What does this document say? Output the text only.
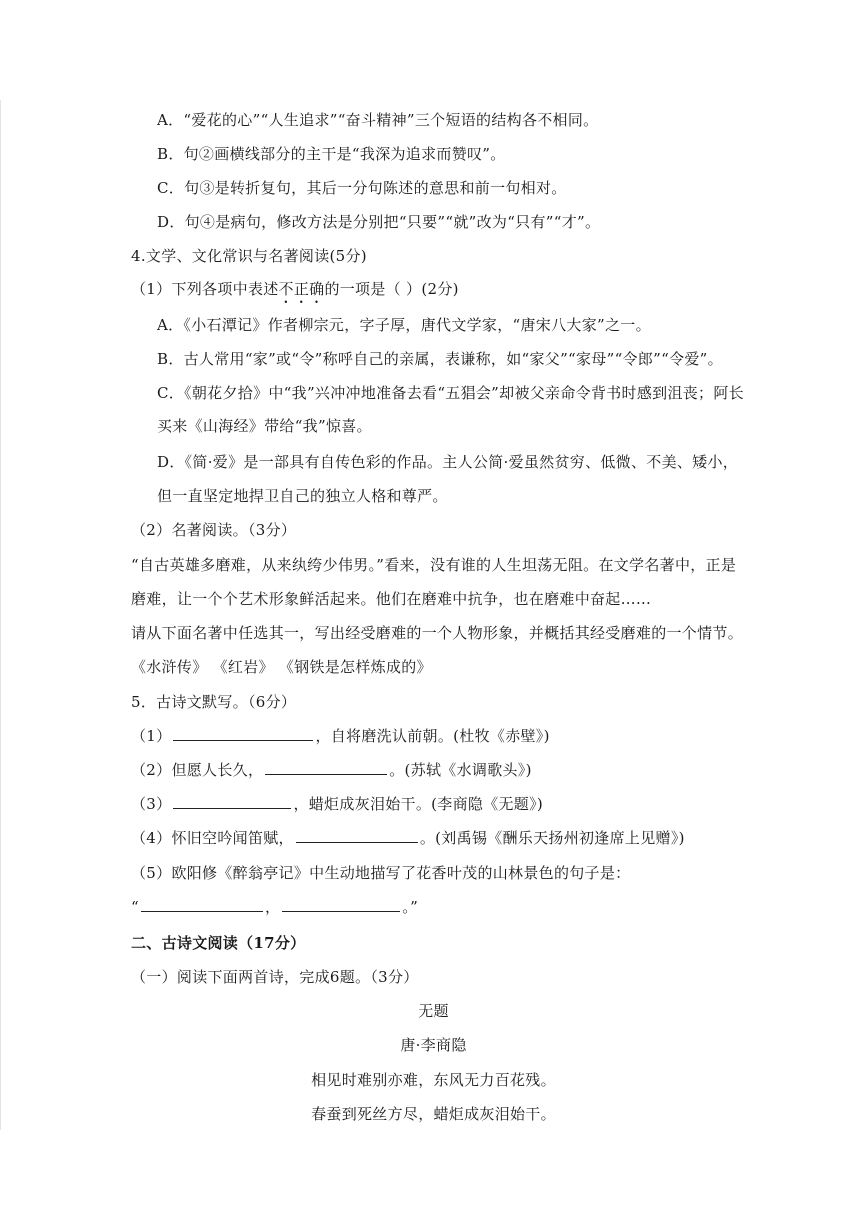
A．“爱花的心”“人生追求”“奋斗精神”三个短语的结构各不相同。
B．句②画横线部分的主干是“我深为追求而赞叹”。
C．句③是转折复句，其后一分句陈述的意思和前一句相对。
D．句④是病句，修改方法是分别把“只要”“就”改为“只有”“才”。
4.文学、文化常识与名著阅读(5分)
（1）下列各项中表述不正确的一项是（ ）(2分)
A．《小石潭记》作者柳宗元，字子厚，唐代文学家，“唐宋八大家”之一。
B．古人常用“家”或“令”称呼自己的亲属，表谦称，如“家父”“家母”“令郎”“令爱”。
C．《朝花夕拾》中“我”兴冲冲地准备去看“五猖会”却被父亲命令背书时感到沮丧；阿长
买来《山海经》带给“我”惊喜。
D．《简·爱》是一部具有自传色彩的作品。主人公简·爱虽然贫穷、低微、不美、矮小，
但一直坚定地捍卫自己的独立人格和尊严。
（2）名著阅读。（3分）
“自古英雄多磨难，从来纨绔少伟男。”看来，没有谁的人生坦荡无阻。在文学名著中，正是
磨难，让一个个艺术形象鲜活起来。他们在磨难中抗争，也在磨难中奋起……
请从下面名著中任选其一，写出经受磨难的一个人物形象，并概括其经受磨难的一个情节。
《水浒传》 《红岩》 《钢铁是怎样炼成的》
5．古诗文默写。（6分）
（1）	，自将磨洗认前朝。(杜牧《赤壁》)
（2）但愿人长久，	。(苏轼《水调歌头》)
（3）	，蜡炬成灰泪始干。(李商隐《无题》)
（4）怀旧空吟闻笛赋，	。(刘禹锡《酬乐天扬州初逢席上见赠》)
（5）欧阳修《醉翁亭记》中生动地描写了花香叶茂的山林景色的句子是：
“	，	。”
二、古诗文阅读（17分）
（一）阅读下面两首诗，完成6题。（3分）
无题
唐·李商隐
相见时难别亦难，东风无力百花残。
春蚕到死丝方尽，蜡炬成灰泪始干。
